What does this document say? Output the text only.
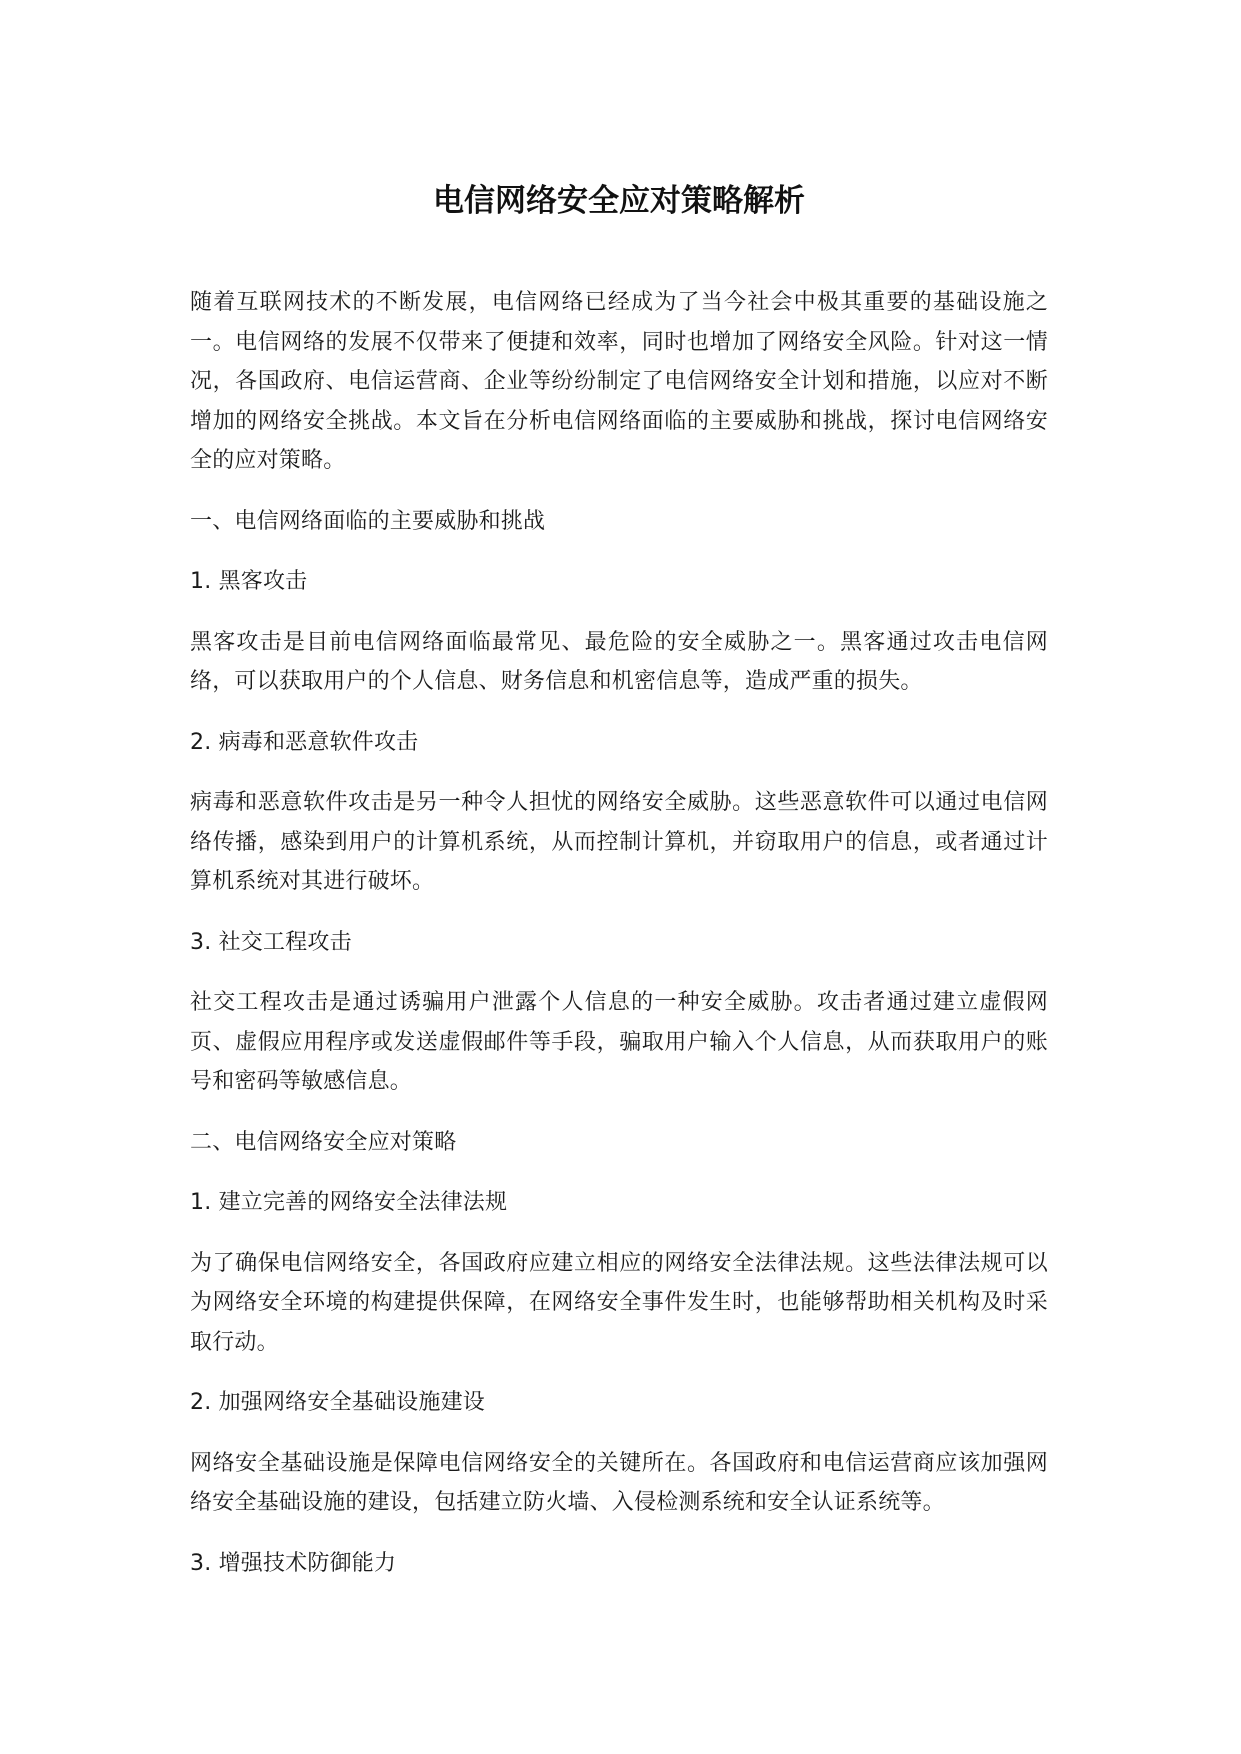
电信网络安全应对策略解析

随着互联网技术的不断发展，电信网络已经成为了当今社会中极其重要的基础设施之一。电信网络的发展不仅带来了便捷和效率，同时也增加了网络安全风险。针对这一情况，各国政府、电信运营商、企业等纷纷制定了电信网络安全计划和措施，以应对不断增加的网络安全挑战。本文旨在分析电信网络面临的主要威胁和挑战，探讨电信网络安全的应对策略。

一、电信网络面临的主要威胁和挑战

1. 黑客攻击

黑客攻击是目前电信网络面临最常见、最危险的安全威胁之一。黑客通过攻击电信网络，可以获取用户的个人信息、财务信息和机密信息等，造成严重的损失。

2. 病毒和恶意软件攻击

病毒和恶意软件攻击是另一种令人担忧的网络安全威胁。这些恶意软件可以通过电信网络传播，感染到用户的计算机系统，从而控制计算机，并窃取用户的信息，或者通过计算机系统对其进行破坏。

3. 社交工程攻击

社交工程攻击是通过诱骗用户泄露个人信息的一种安全威胁。攻击者通过建立虚假网页、虚假应用程序或发送虚假邮件等手段，骗取用户输入个人信息，从而获取用户的账号和密码等敏感信息。

二、电信网络安全应对策略

1. 建立完善的网络安全法律法规

为了确保电信网络安全，各国政府应建立相应的网络安全法律法规。这些法律法规可以为网络安全环境的构建提供保障，在网络安全事件发生时，也能够帮助相关机构及时采取行动。

2. 加强网络安全基础设施建设

网络安全基础设施是保障电信网络安全的关键所在。各国政府和电信运营商应该加强网络安全基础设施的建设，包括建立防火墙、入侵检测系统和安全认证系统等。

3. 增强技术防御能力
